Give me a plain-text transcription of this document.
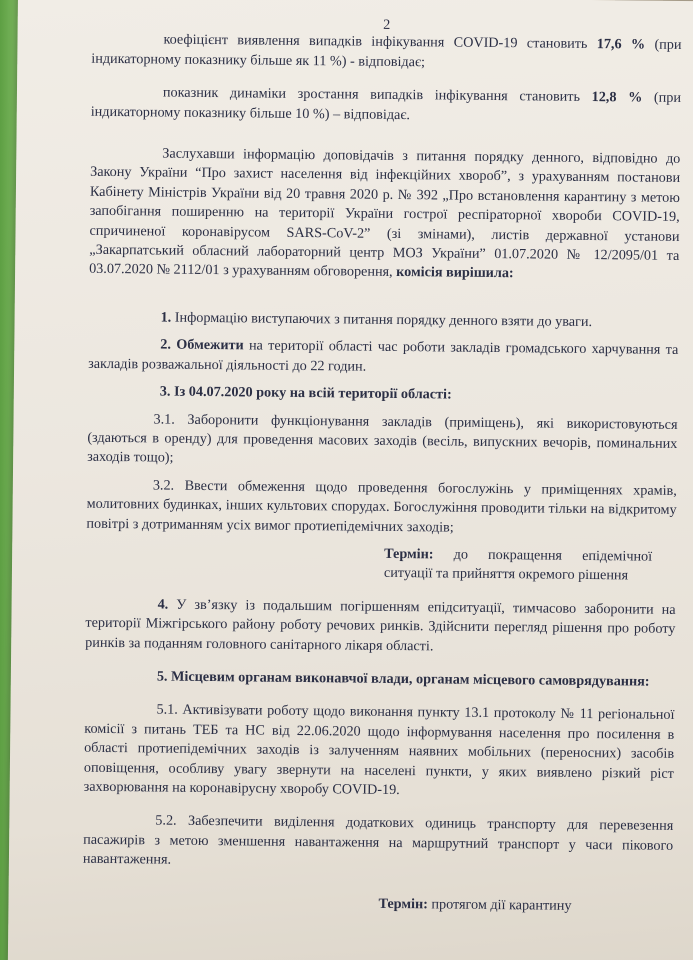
2

коефіцієнт виявлення випадків інфікування COVID-19 становить 17,6 % (при індикаторному показнику більше як 11 %) - відповідає;

показник динаміки зростання випадків інфікування становить 12,8 % (при індикаторному показнику більше 10 %) – відповідає.

Заслухавши інформацію доповідачів з питання порядку денного, відповідно до Закону України “Про захист населення від інфекційних хвороб”, з урахуванням постанови Кабінету Міністрів України від 20 травня 2020 р. № 392 „Про встановлення карантину з метою запобігання поширенню на території України гострої респіраторної хвороби COVID-19, спричиненої коронавірусом SARS-CoV-2” (зі змінами), листів державної установи „Закарпатський обласний лабораторний центр МОЗ України” 01.07.2020 № 12/2095/01 та 03.07.2020 № 2112/01 з урахуванням обговорення, комісія вирішила:

1. Інформацію виступаючих з питання порядку денного взяти до уваги.

2. Обмежити на території області час роботи закладів громадського харчування та закладів розважальної діяльності до 22 годин.

3. Із 04.07.2020 року на всій території області:

3.1. Заборонити функціонування закладів (приміщень), які використовуються (здаються в оренду) для проведення масових заходів (весіль, випускних вечорів, поминальних заходів тощо);

3.2. Ввести обмеження щодо проведення богослужінь у приміщеннях храмів, молитовних будинках, інших культових спорудах. Богослужіння проводити тільки на відкритому повітрі з дотриманням усіх вимог протиепідемічних заходів;

Термін: до покращення епідемічної ситуації та прийняття окремого рішення

4. У зв’язку із подальшим погіршенням епідситуації, тимчасово заборонити на території Міжгірського району роботу речових ринків. Здійснити перегляд рішення про роботу ринків за поданням головного санітарного лікаря області.

5. Місцевим органам виконавчої влади, органам місцевого самоврядування:

5.1. Активізувати роботу щодо виконання пункту 13.1 протоколу № 11 регіональної комісії з питань ТЕБ та НС від 22.06.2020 щодо інформування населення про посилення в області протиепідемічних заходів із залученням наявних мобільних (переносних) засобів оповіщення, особливу увагу звернути на населені пункти, у яких виявлено різкий ріст захворювання на коронавірусну хворобу COVID-19.

5.2. Забезпечити виділення додаткових одиниць транспорту для перевезення пасажирів з метою зменшення навантаження на маршрутний транспорт у часи пікового навантаження.

Термін: протягом дії карантину
